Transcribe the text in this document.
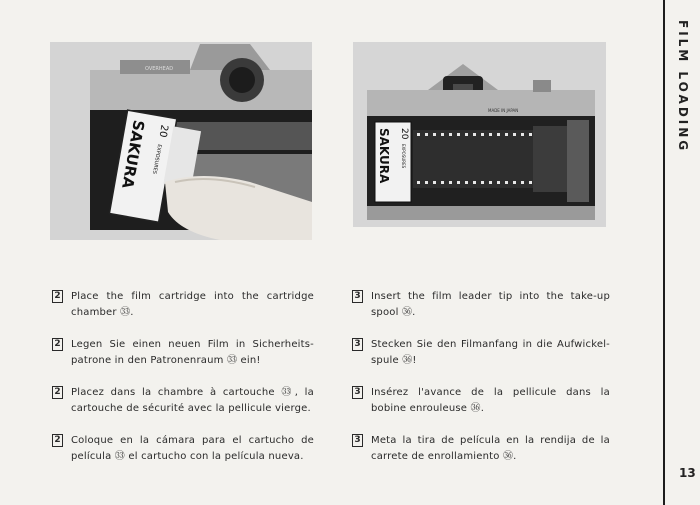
OVERHEAD
SAKURA 20
EXPOSURES
MADE IN JAPAN
SAKURA 20
EXPOSURES
2 Place the film cartridge into the cartridge chamber ㉝.
2 Legen Sie einen neuen Film in Sicherheits-patrone in den Patronenraum ㉝ ein!
2 Placez dans la chambre à cartouche ㉝, la cartouche de sécurité avec la pellicule vierge.
2 Coloque en la cámara para el cartucho de película ㉝ el cartucho con la película nueva.
3 Insert the film leader tip into the take-up spool ㊱.
3 Stecken Sie den Filmanfang in die Aufwickel-spule ㊱!
3 Insérez l'avance de la pellicule dans la bobine enrouleuse ㊱.
3 Meta la tira de película en la rendija de la carrete de enrollamiento ㊱.
FILM LOADING
13
